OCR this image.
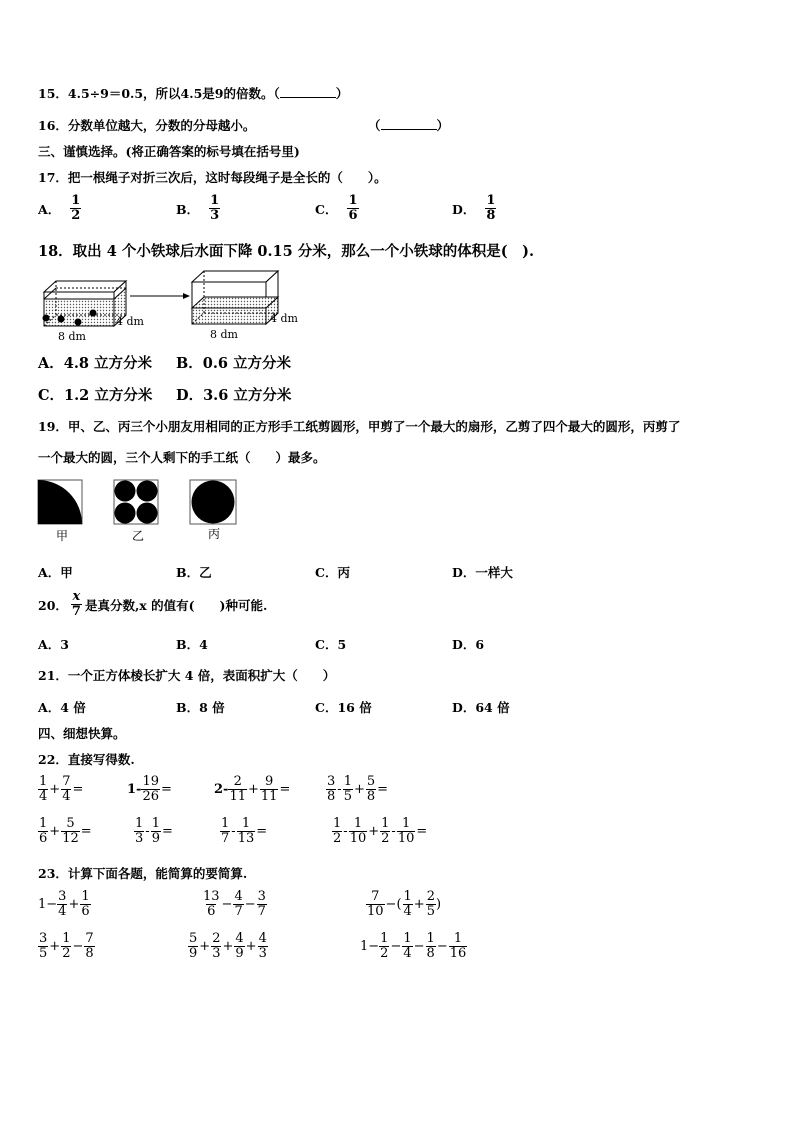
15．4.5÷9＝0.5，所以4.5是9的倍数。（	）
16．分数单位越大，分数的分母越小。	（	）
三、谨慎选择。(将正确答案的标号填在括号里)
17．把一根绳子对折三次后，这时每段绳子是全长的（　　）。
A． $\frac{1}{2}$	B． $\frac{1}{3}$	C． $\frac{1}{6}$	D． $\frac{1}{8}$
18．取出 4 个小铁球后水面下降 0.15 分米，那么一个小铁球的体积是(　).
4 dm
8 dm
4 dm
8 dm
A．4.8 立方分米 B．0.6 立方分米
C．1.2 立方分米 D．3.6 立方分米
19．甲、乙、丙三个小朋友用相同的正方形手工纸剪圆形，甲剪了一个最大的扇形，乙剪了四个最大的圆形，丙剪了
一个最大的圆，三个人剩下的手工纸（　　）最多。
甲	乙	丙
A．甲	B．乙	C．丙	D．一样大
20． $\frac{x}{7}$ 是真分数,x 的值有(　　)种可能.
A．3	B．4	C．5	D．6
21．一个正方体棱长扩大 4 倍，表面积扩大（　　）
A．4 倍	B．8 倍	C．16 倍	D．64 倍
四、细想快算。
22．直接写得数.
$\frac{1}{4} + \frac{7}{4}$ =	$1- \frac{19}{26}$ =	$2- \frac{2}{11} + \frac{9}{11}$ =	$\frac{3}{8} - \frac{1}{5} + \frac{5}{8}$ =
$\frac{1}{6} + \frac{5}{12}$ =	$\frac{1}{3} - \frac{1}{9}$ =	$\frac{1}{7} - \frac{1}{13}$ =	$\frac{1}{2} - \frac{1}{10} + \frac{1}{2} - \frac{1}{10}$ =
23．计算下面各题，能简算的要简算.
$1- \frac{3}{4} + \frac{1}{6}$	$\frac{13}{6} - \frac{4}{7} - \frac{3}{7}$	$\frac{7}{10}$ −( $\frac{1}{4} + \frac{2}{5}$ )
$\frac{3}{5} + \frac{1}{2} - \frac{7}{8}$	$\frac{5}{9} + \frac{2}{3} + \frac{4}{9} + \frac{4}{3}$	$1- \frac{1}{2} - \frac{1}{4} - \frac{1}{8} - \frac{1}{16}$
